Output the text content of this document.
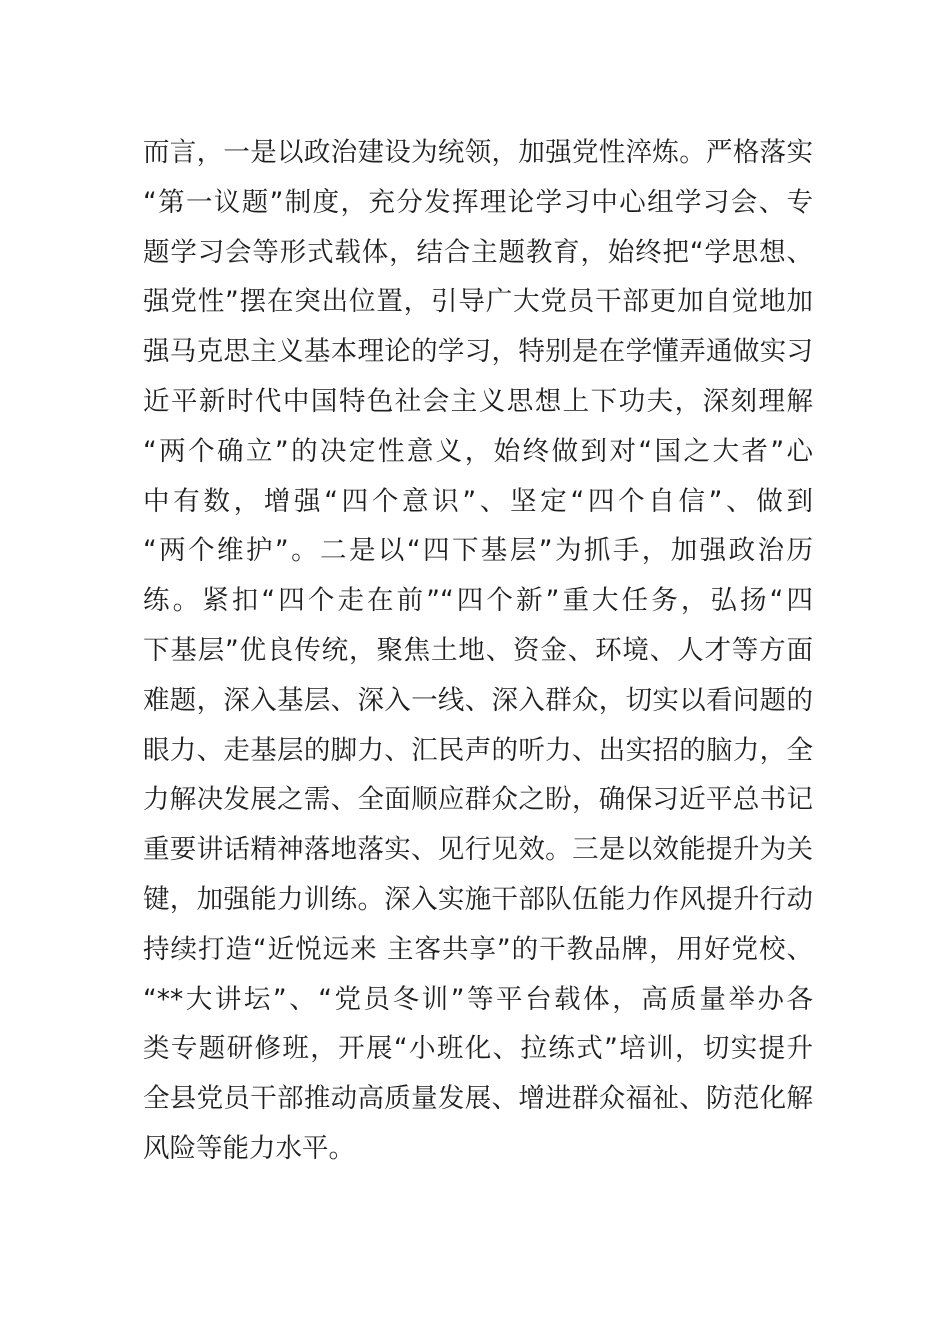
而言，一是以政治建设为统领，加强党性淬炼。严格落实
“第一议题”制度，充分发挥理论学习中心组学习会、专
题学习会等形式载体，结合主题教育，始终把“学思想、
强党性”摆在突出位置，引导广大党员干部更加自觉地加
强马克思主义基本理论的学习，特别是在学懂弄通做实习
近平新时代中国特色社会主义思想上下功夫，深刻理解
“两个确立”的决定性意义，始终做到对“国之大者”心
中有数，增强“四个意识”、坚定“四个自信”、做到
“两个维护”。二是以“四下基层”为抓手，加强政治历
练。紧扣“四个走在前”“四个新”重大任务，弘扬“四
下基层”优良传统，聚焦土地、资金、环境、人才等方面
难题，深入基层、深入一线、深入群众，切实以看问题的
眼力、走基层的脚力、汇民声的听力、出实招的脑力，全
力解决发展之需、全面顺应群众之盼，确保习近平总书记
重要讲话精神落地落实、见行见效。三是以效能提升为关
键，加强能力训练。深入实施干部队伍能力作风提升行动
持续打造“近悦远来 主客共享”的干教品牌，用好党校、
“**大讲坛”、“党员冬训”等平台载体，高质量举办各
类专题研修班，开展“小班化、拉练式”培训，切实提升
全县党员干部推动高质量发展、增进群众福祉、防范化解
风险等能力水平。
